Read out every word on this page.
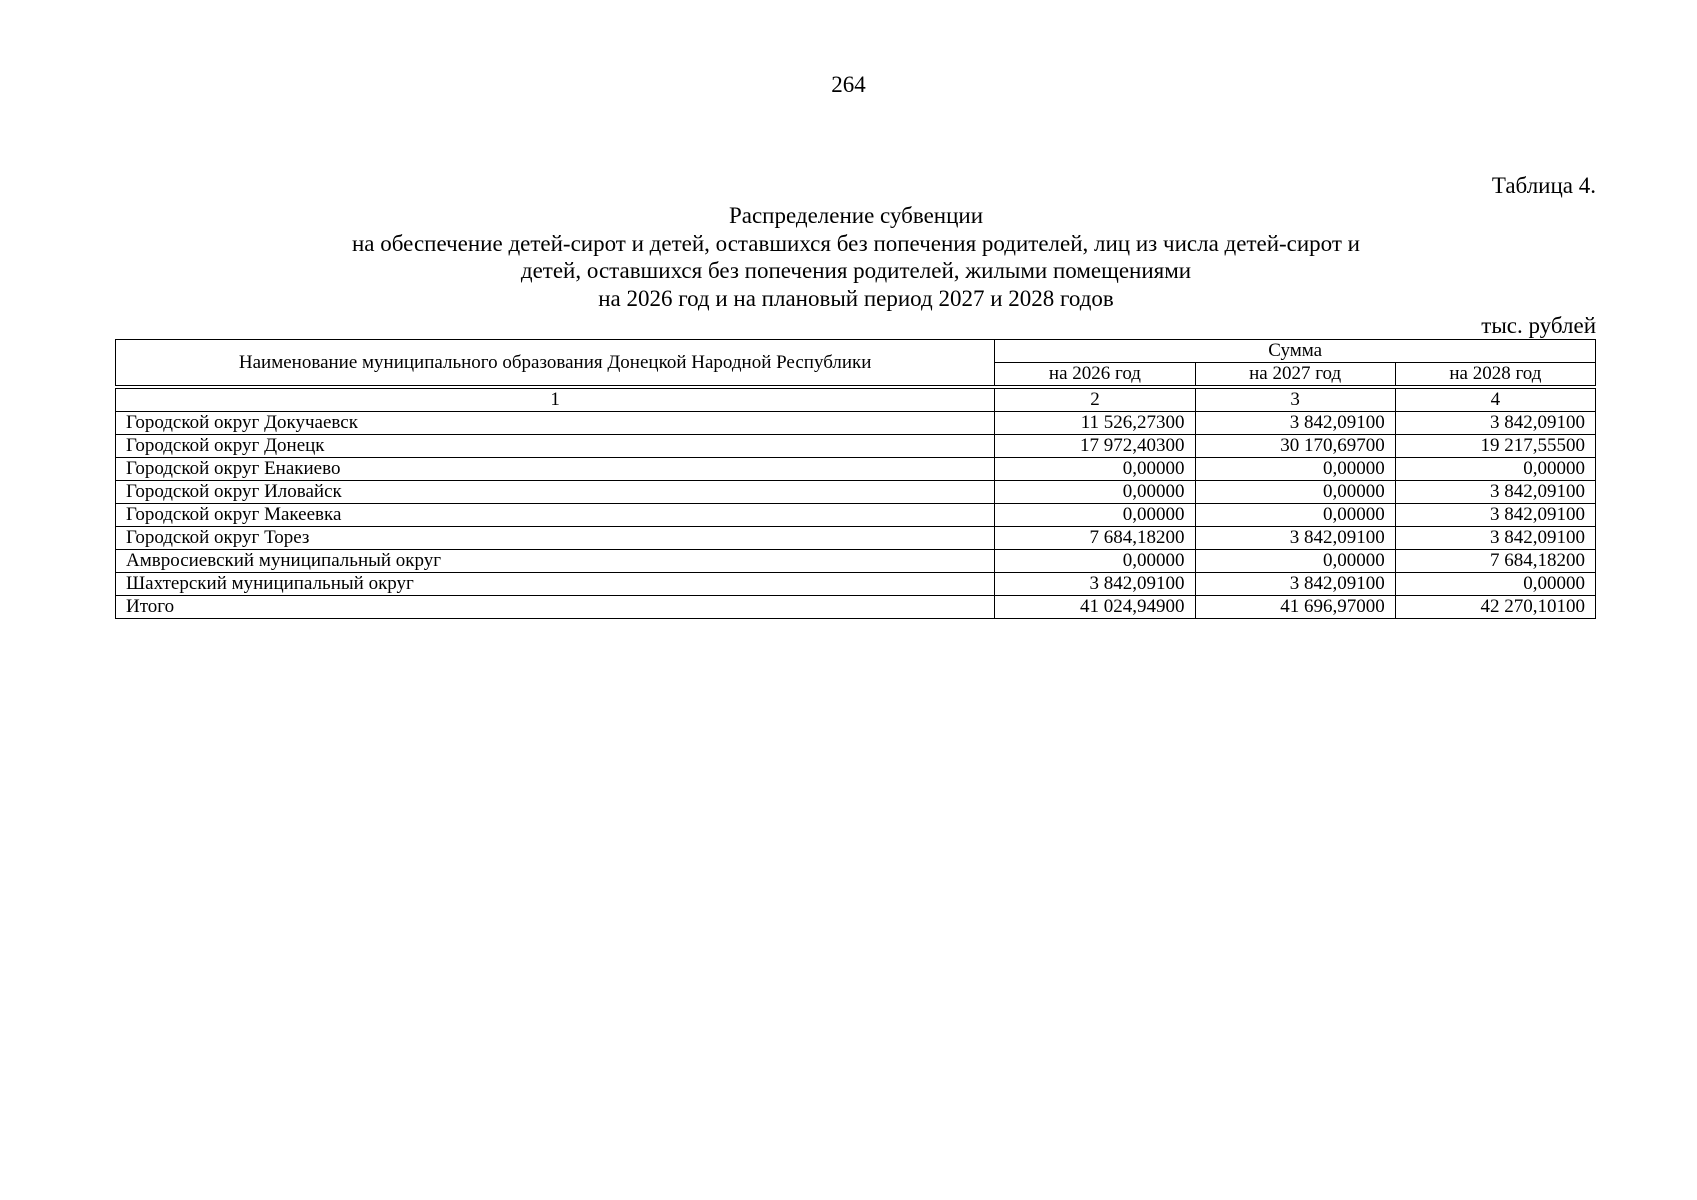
264
Таблица 4.
Распределение субвенции
на обеспечение детей-сирот и детей, оставшихся без попечения родителей, лиц из числа детей-сирот и
детей, оставшихся без попечения родителей, жилыми помещениями
на 2026 год и на плановый период 2027 и 2028 годов
тыс. рублей
Наименование муниципального образования Донецкой Народной Республики	Сумма		
	на 2026 год	на 2027 год	на 2028 год

1	2	3	4
Городской округ Докучаевск	11 526,27300	3 842,09100	3 842,09100
Городской округ Донецк	17 972,40300	30 170,69700	19 217,55500
Городской округ Енакиево	0,00000	0,00000	0,00000
Городской округ Иловайск	0,00000	0,00000	3 842,09100
Городской округ Макеевка	0,00000	0,00000	3 842,09100
Городской округ Торез	7 684,18200	3 842,09100	3 842,09100
Амвросиевский муниципальный округ	0,00000	0,00000	7 684,18200
Шахтерский муниципальный округ	3 842,09100	3 842,09100	0,00000
Итого	41 024,94900	41 696,97000	42 270,10100
